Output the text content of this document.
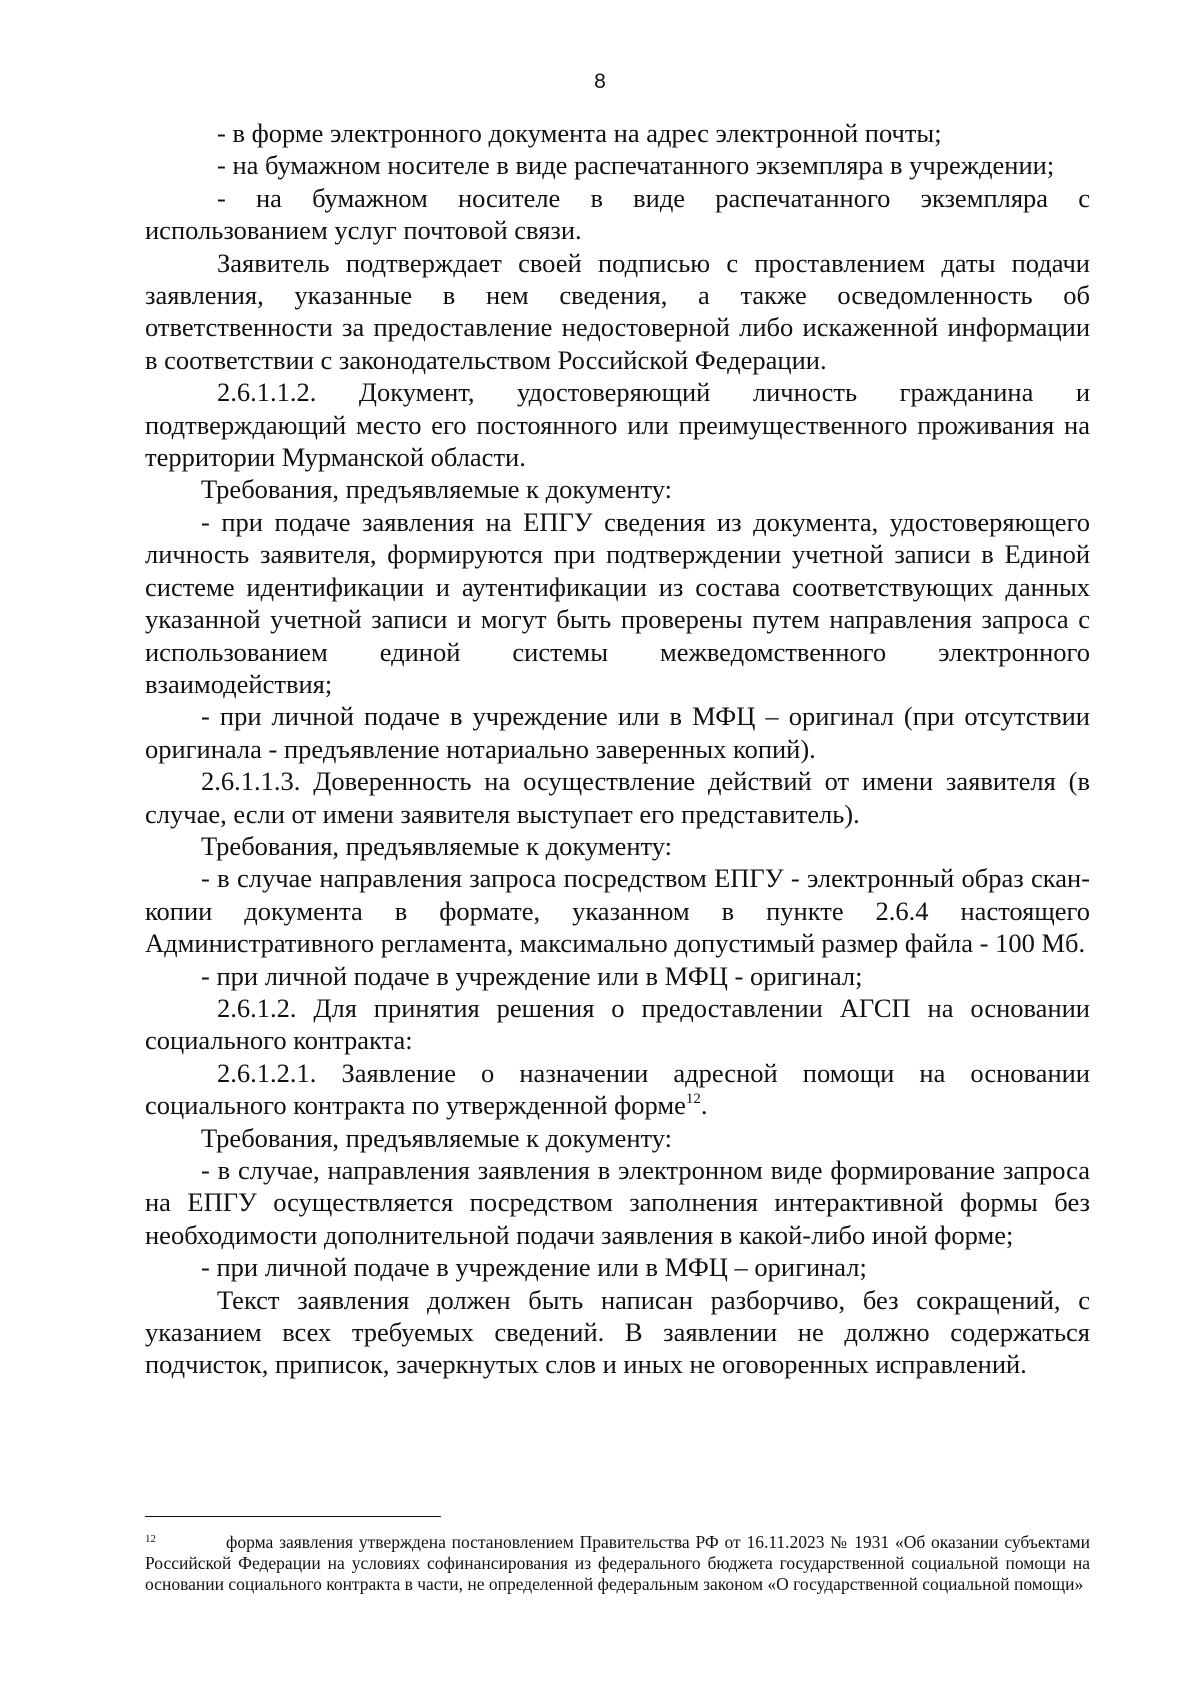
8

- в форме электронного документа на адрес электронной почты;

- на бумажном носителе в виде распечатанного экземпляра в учреждении;

- на бумажном носителе в виде распечатанного экземпляра с использованием услуг почтовой связи.

Заявитель подтверждает своей подписью с проставлением даты подачи заявления, указанные в нем сведения, а также осведомленность об ответственности за предоставление недостоверной либо искаженной информации в соответствии с законодательством Российской Федерации.

2.6.1.1.2. Документ, удостоверяющий личность гражданина и подтверждающий место его постоянного или преимущественного проживания на территории Мурманской области.

Требования, предъявляемые к документу:

- при подаче заявления на ЕПГУ сведения из документа, удостоверяющего личность заявителя, формируются при подтверждении учетной записи в Единой системе идентификации и аутентификации из состава соответствующих данных указанной учетной записи и могут быть проверены путем направления запроса с использованием единой системы межведомственного электронного взаимодействия;

- при личной подаче в учреждение или в МФЦ – оригинал (при отсутствии оригинала - предъявление нотариально заверенных копий).

2.6.1.1.3. Доверенность на осуществление действий от имени заявителя (в случае, если от имени заявителя выступает его представитель).

Требования, предъявляемые к документу:

- в случае направления запроса посредством ЕПГУ - электронный образ скан-копии документа в формате, указанном в пункте 2.6.4 настоящего Административного регламента, максимально допустимый размер файла - 100 Мб.

- при личной подаче в учреждение или в МФЦ - оригинал;

2.6.1.2. Для принятия решения о предоставлении АГСП на основании социального контракта:

2.6.1.2.1. Заявление о назначении адресной помощи на основании социального контракта по утвержденной форме$^{12}$.

Требования, предъявляемые к документу:

- в случае, направления заявления в электронном виде формирование запроса на ЕПГУ осуществляется посредством заполнения интерактивной формы без необходимости дополнительной подачи заявления в какой-либо иной форме;

- при личной подаче в учреждение или в МФЦ – оригинал;

Текст заявления должен быть написан разборчиво, без сокращений, с указанием всех требуемых сведений. В заявлении не должно содержаться подчисток, приписок, зачеркнутых слов и иных не оговоренных исправлений.

$^{12}$	форма заявления утверждена постановлением Правительства РФ от 16.11.2023 № 1931 «Об оказании субъектами Российской Федерации на условиях софинансирования из федерального бюджета государственной социальной помощи на основании социального контракта в части, не определенной федеральным законом «О государственной социальной помощи»
